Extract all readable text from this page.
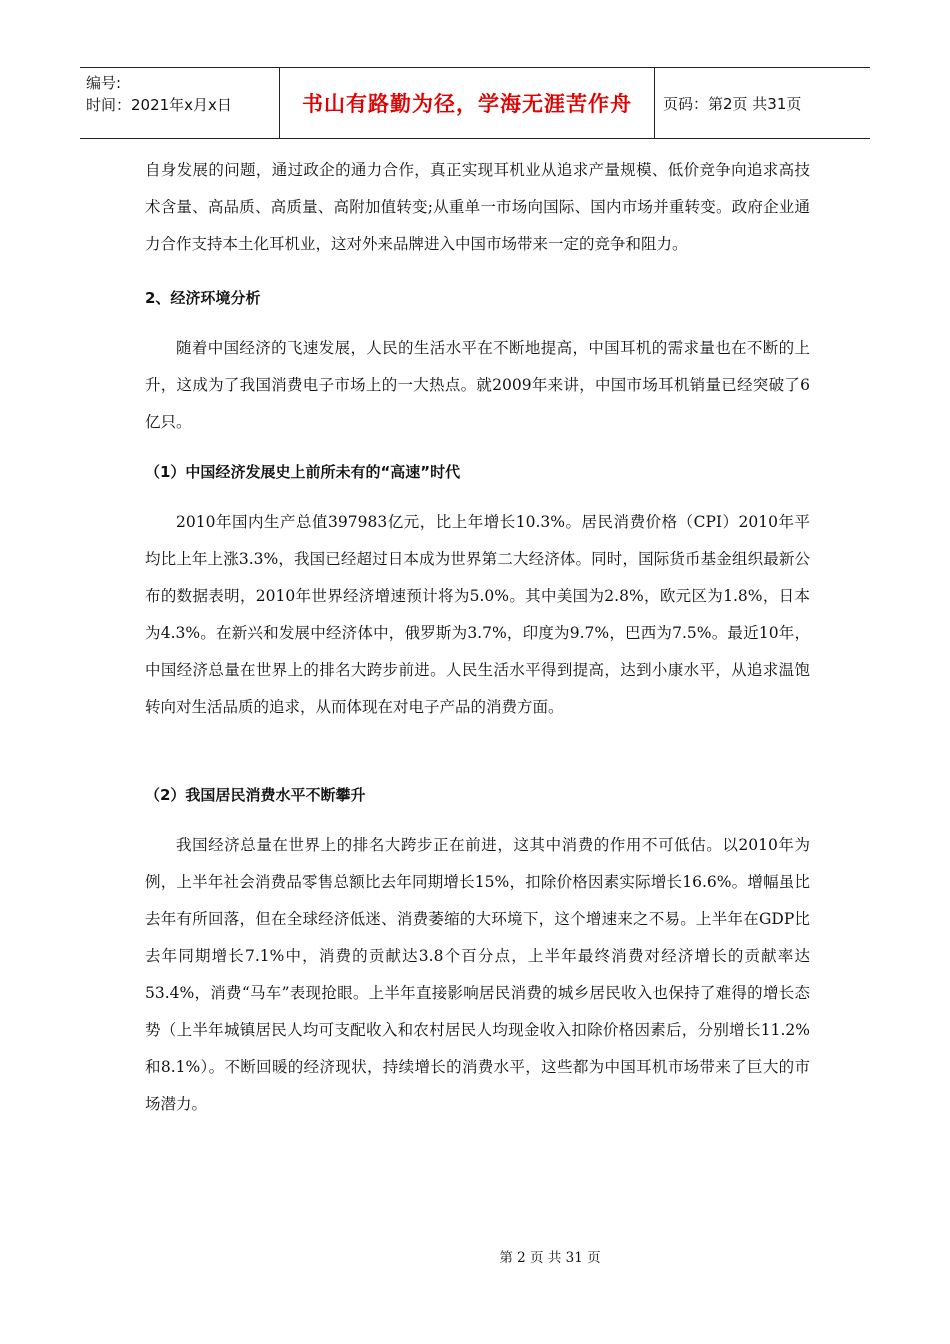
编号:
时间：2021年x月x日	书山有路勤为径，学海无涯苦作舟	页码：第2页 共31页

自身发展的问题，通过政企的通力合作，真正实现耳机业从追求产量规模、低价竞争向追求高技术含量、高品质、高质量、高附加值转变;从重单一市场向国际、国内市场并重转变。政府企业通力合作支持本土化耳机业，这对外来品牌进入中国市场带来一定的竞争和阻力。

2、经济环境分析

随着中国经济的飞速发展，人民的生活水平在不断地提高，中国耳机的需求量也在不断的上升，这成为了我国消费电子市场上的一大热点。就2009年来讲，中国市场耳机销量已经突破了6亿只。

（1）中国经济发展史上前所未有的“高速”时代

2010年国内生产总值397983亿元，比上年增长10.3%。居民消费价格（CPI）2010年平均比上年上涨3.3%，我国已经超过日本成为世界第二大经济体。同时，国际货币基金组织最新公布的数据表明，2010年世界经济增速预计将为5.0%。其中美国为2.8%，欧元区为1.8%，日本为4.3%。在新兴和发展中经济体中，俄罗斯为3.7%，印度为9.7%，巴西为7.5%。最近10年，中国经济总量在世界上的排名大跨步前进。人民生活水平得到提高，达到小康水平，从追求温饱转向对生活品质的追求，从而体现在对电子产品的消费方面。

（2）我国居民消费水平不断攀升

我国经济总量在世界上的排名大跨步正在前进，这其中消费的作用不可低估。以2010年为例，上半年社会消费品零售总额比去年同期增长15%，扣除价格因素实际增长16.6%。增幅虽比去年有所回落，但在全球经济低迷、消费萎缩的大环境下，这个增速来之不易。上半年在GDP比去年同期增长7.1%中，消费的贡献达3.8个百分点，上半年最终消费对经济增长的贡献率达53.4%，消费“马车”表现抢眼。上半年直接影响居民消费的城乡居民收入也保持了难得的增长态势（上半年城镇居民人均可支配收入和农村居民人均现金收入扣除价格因素后，分别增长11.2%和8.1%）。不断回暖的经济现状，持续增长的消费水平，这些都为中国耳机市场带来了巨大的市场潜力。

第 2 页 共 31 页
